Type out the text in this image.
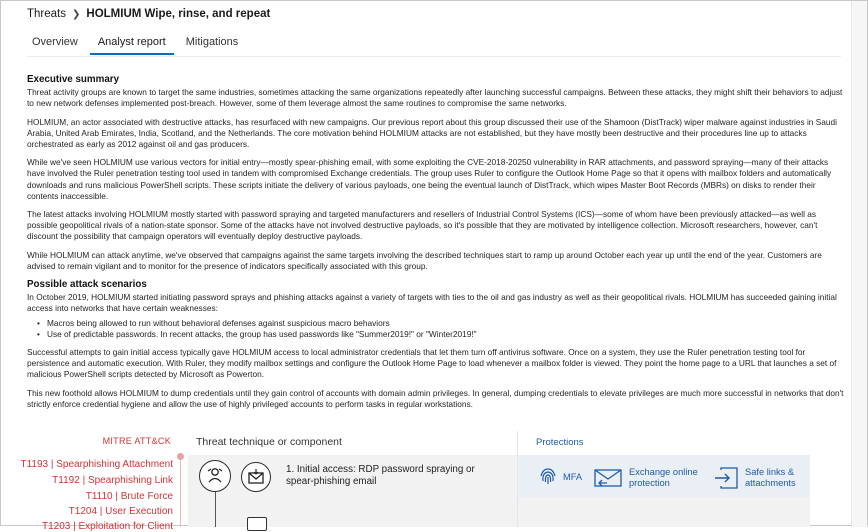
Threats ❯ HOLMIUM Wipe, rinse, and repeat
Overview	Analyst report	Mitigations
Executive summary

Threat activity groups are known to target the same industries, sometimes attacking the same organizations repeatedly after launching successful campaigns. Between these attacks, they might shift their behaviors to adjust to new network defenses implemented post-breach. However, some of them leverage almost the same routines to compromise the same networks.

HOLMIUM, an actor associated with destructive attacks, has resurfaced with new campaigns. Our previous report about this group discussed their use of the Shamoon (DistTrack) wiper malware against industries in Saudi Arabia, United Arab Emirates, India, Scotland, and the Netherlands. The core motivation behind HOLMIUM attacks are not established, but they have mostly been destructive and their procedures line up to attacks orchestrated as early as 2012 against oil and gas producers.

While we've seen HOLMIUM use various vectors for initial entry—mostly spear-phishing email, with some exploiting the CVE-2018-20250 vulnerability in RAR attachments, and password spraying—many of their attacks have involved the Ruler penetration testing tool used in tandem with compromised Exchange credentials. The group uses Ruler to configure the Outlook Home Page so that it opens with mailbox folders and automatically downloads and runs malicious PowerShell scripts. These scripts initiate the delivery of various payloads, one being the eventual launch of DistTrack, which wipes Master Boot Records (MBRs) on disks to render their contents inaccessible.

The latest attacks involving HOLMIUM mostly started with password spraying and targeted manufacturers and resellers of Industrial Control Systems (ICS)—some of whom have been previously attacked—as well as possible geopolitical rivals of a nation-state sponsor. Some of the attacks have not involved destructive payloads, so it's possible that they are motivated by intelligence collection. Microsoft researchers, however, can't discount the possibility that campaign operators will eventually deploy destructive payloads.

While HOLMIUM can attack anytime, we've observed that campaigns against the same targets involving the described techniques start to ramp up around October each year up until the end of the year. Customers are advised to remain vigilant and to monitor for the presence of indicators specifically associated with this group.

Possible attack scenarios

In October 2019, HOLMIUM started initiating password sprays and phishing attacks against a variety of targets with ties to the oil and gas industry as well as their geopolitical rivals. HOLMIUM has succeeded gaining initial access into networks that have certain weaknesses:

• Macros being allowed to run without behavioral defenses against suspicious macro behaviors
• Use of predictable passwords. In recent attacks, the group has used passwords like "Summer2019!" or "Winter2019!"

Successful attempts to gain initial access typically gave HOLMIUM access to local administrator credentials that let them turn off antivirus software. Once on a system, they use the Ruler penetration testing tool for persistence and automatic execution. With Ruler, they modify mailbox settings and configure the Outlook Home Page to load whenever a mailbox folder is viewed. They point the home page to a URL that launches a set of malicious PowerShell scripts detected by Microsoft as Powerton.

This new foothold allows HOLMIUM to dump credentials until they gain control of accounts with domain admin privileges. In general, dumping credentials to elevate privileges are much more successful in networks that don't strictly enforce credential hygiene and allow the use of highly privileged accounts to perform tasks in regular workstations.

MITRE ATT&CK
T1193 | Spearphishing Attachment
T1192 | Spearphishing Link
T1110 | Brute Force
T1204 | User Execution
T1203 | Exploitation for Client
Threat technique or component	Protections
1. Initial access: RDP password spraying or spear-phishing email	MFA	Exchange online protection
Safe links & attachments
